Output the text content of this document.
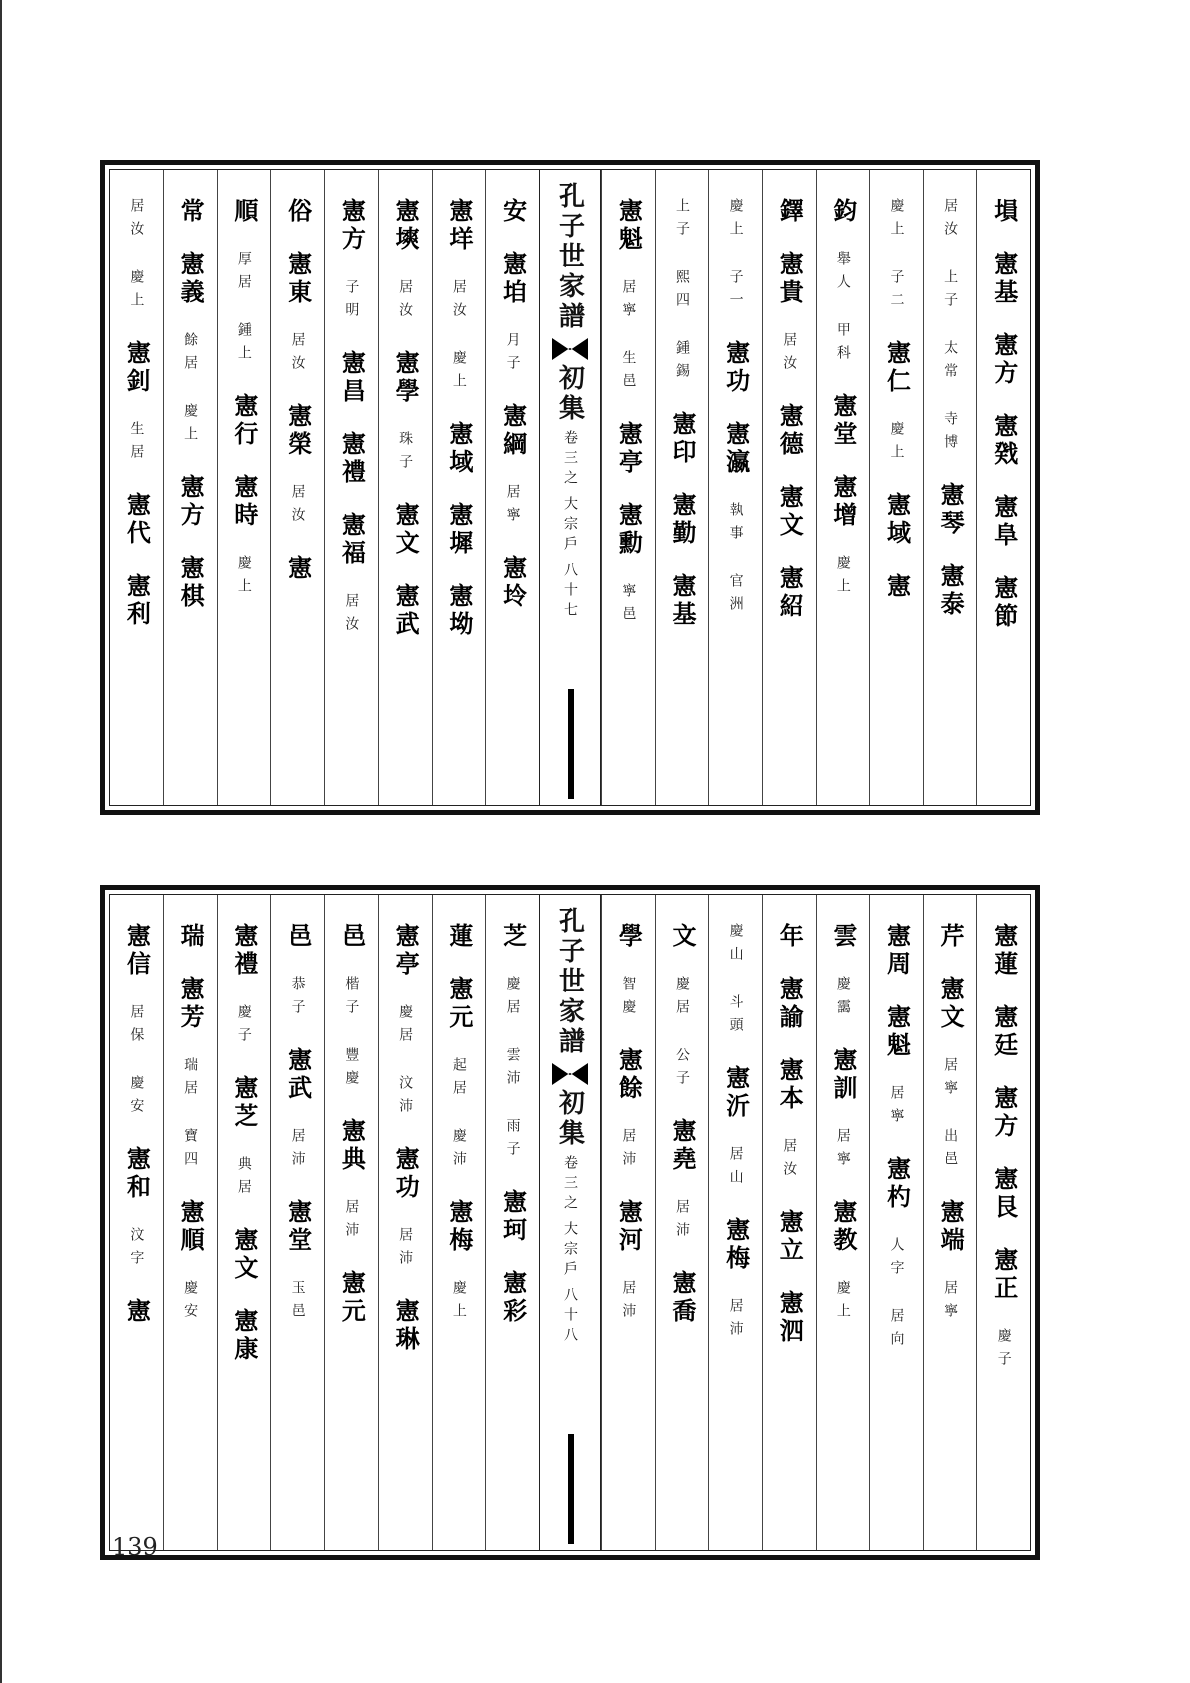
塤 憲基 憲方 憲戣 憲阜 憲節
居汝 上子 太常 寺博 憲琴 憲泰
慶上 子二 憲仁 慶上 憲域 憲
鈞 舉人 甲科 憲堂 憲增 慶上
鐸 憲貴 居汝 憲德 憲文 憲紹
慶上 子一 憲功 憲瀛 執事 官洲
上子 熙四 鍾錫 憲印 憲勤 憲基
憲魁 居寧 生邑 憲亭 憲勳 寧邑
孔子世家譜
初集
卷三之
大宗戶
八十七
安 憲垍 月子 憲綱 居寧 憲坽
憲垟 居汝 慶上 憲域 憲墀 憲坳
憲塽 居汝 憲學 珠子 憲文 憲武
憲方 子明 憲昌 憲禮 憲福 居汝
俗 憲東 居汝 憲榮 居汝 憲
順 厚居 鍾上 憲行 憲時 慶上
常 憲義 餘居 慶上 憲方 憲棋
居汝 慶上 憲釗 生居 憲代 憲利
憲蓮 憲廷 憲方 憲艮 憲正 慶子
芹 憲文 居寧 出邑 憲端 居寧
憲周 憲魁 居寧 憲杓 人字 居向
雲 慶靄 憲訓 居寧 憲教 慶上
年 憲諭 憲本 居汝 憲立 憲泗
慶山 斗頭 憲沂 居山 憲梅 居沛
文 慶居 公子 憲堯 居沛 憲喬
學 智慶 憲餘 居沛 憲河 居沛
孔子世家譜
初集
卷三之
大宗戶
八十八
芝 慶居 雲沛 雨子 憲珂 憲彩
蓮 憲元 起居 慶沛 憲梅 慶上
憲亭 慶居 汶沛 憲功 居沛 憲琳
邑 楷子 豐慶 憲典 居沛 憲元
邑 恭子 憲武 居沛 憲堂 玉邑
憲禮 慶子 憲芝 典居 憲文 憲康
瑞 憲芳 瑞居 寶四 憲順 慶安
憲信 居保 慶安 憲和 汶字 憲
139
